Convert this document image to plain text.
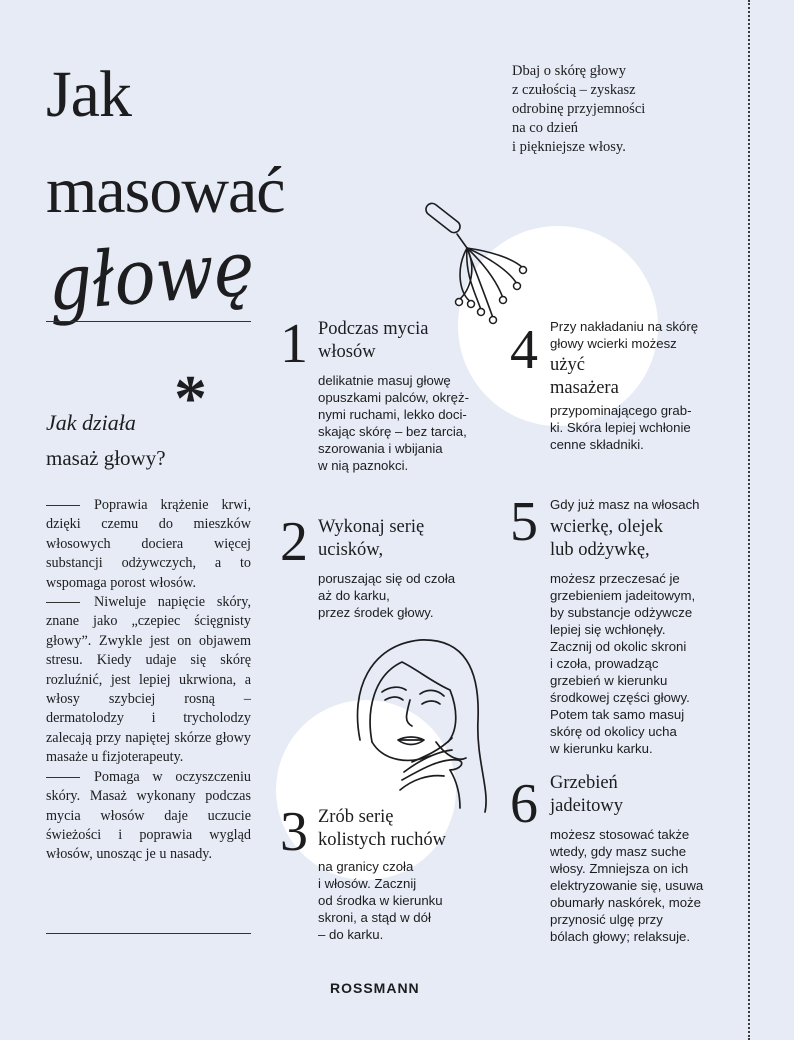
Jak
masować
głowę
Dbaj o skórę głowy
z czułością – zyskasz
odrobinę przyjemności
na co dzień
i piękniejsze włosy.
Jak działa *
masaż głowy?

Poprawia krążenie krwi, dzięki czemu do mieszków włosowych dociera więcej substancji odżywczych, a to wspomaga porost włosów.

Niweluje napięcie skóry, znane jako „czepiec ścięgnisty głowy”. Zwykle jest on objawem stresu. Kiedy udaje się skórę rozluźnić, jest lepiej ukrwiona, a włosy szybciej rosną – dermatolodzy i trycholodzy zalecają przy napiętej skórze głowy masaże u fizjoterapeuty.

Pomaga w oczyszczeniu skóry. Masaż wykonany podczas mycia włosów daje uczucie świeżości i poprawia wygląd włosów, unosząc je u nasady.

1 Podczas mycia
włosów
delikatnie masuj głowę
opuszkami palców, okręż-
nymi ruchami, lekko doci-
skając skórę – bez tarcia,
szorowania i wbijania
w nią paznokci.
2 Wykonaj serię
ucisków,
poruszając się od czoła
aż do karku,
przez środek głowy.
3 Zrób serię
kolistych ruchów
na granicy czoła
i włosów. Zacznij
od środka w kierunku
skroni, a stąd w dół
– do karku.
4 Przy nakładaniu na skórę
głowy wcierki możesz
użyć
masażera
przypominającego grab-
ki. Skóra lepiej wchłonie
cenne składniki.
5 Gdy już masz na włosach
wcierkę, olejek
lub odżywkę,
możesz przeczesać je
grzebieniem jadeitowym,
by substancje odżywcze
lepiej się wchłonęły.
Zacznij od okolic skroni
i czoła, prowadząc
grzebień w kierunku
środkowej części głowy.
Potem tak samo masuj
skórę od okolicy ucha
w kierunku karku.
6 Grzebień
jadeitowy
możesz stosować także
wtedy, gdy masz suche
włosy. Zmniejsza on ich
elektryzowanie się, usuwa
obumarły naskórek, może
przynosić ulgę przy
bólach głowy; relaksuje.
ROSSMANN
